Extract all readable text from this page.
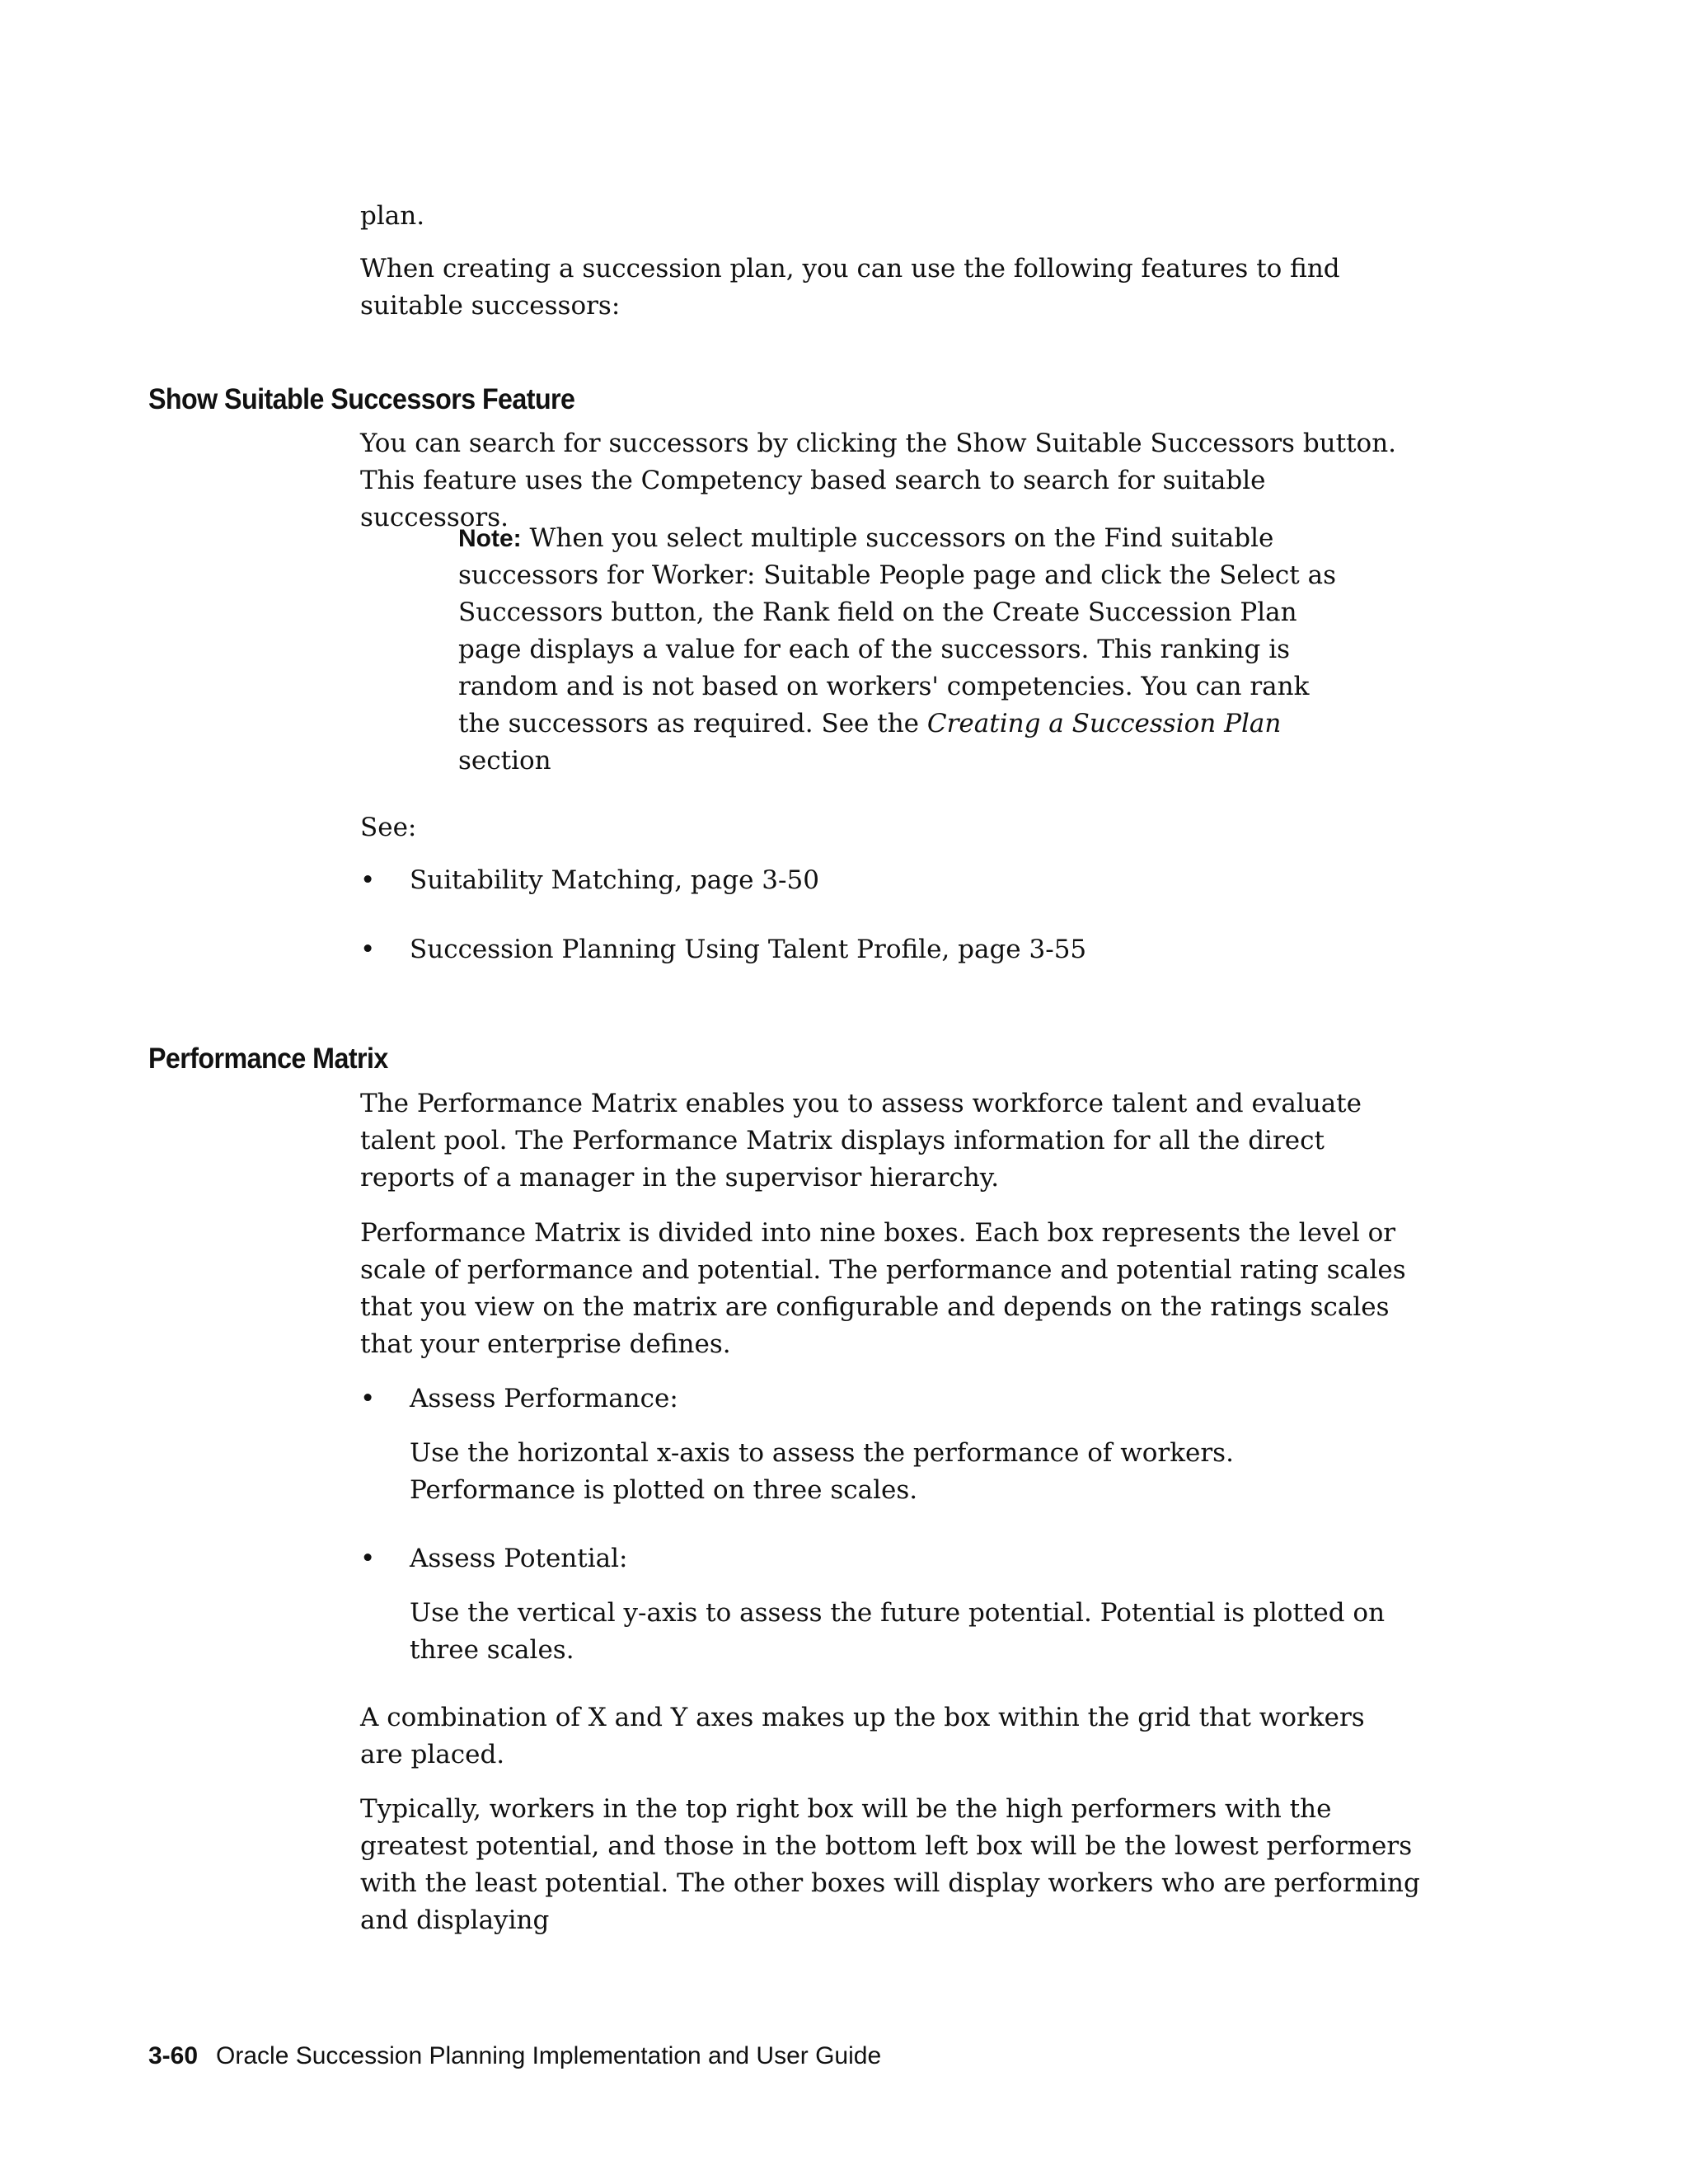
plan.

When creating a succession plan, you can use the following features to find suitable successors:

Show Suitable Successors Feature

You can search for successors by clicking the Show Suitable Successors button. This feature uses the Competency based search to search for suitable successors.

Note: When you select multiple successors on the Find suitable successors for Worker: Suitable People page and click the Select as Successors button, the Rank field on the Create Succession Plan page displays a value for each of the successors. This ranking is random and is not based on workers' competencies. You can rank the successors as required. See the Creating a Succession Plan section

See:

•	Suitability Matching, page 3-50

•	Succession Planning Using Talent Profile, page 3-55

Performance Matrix

The Performance Matrix enables you to assess workforce talent and evaluate talent pool. The Performance Matrix displays information for all the direct reports of a manager in the supervisor hierarchy.

Performance Matrix is divided into nine boxes. Each box represents the level or scale of performance and potential. The performance and potential rating scales that you view on the matrix are configurable and depends on the ratings scales that your enterprise defines.

•	Assess Performance:

Use the horizontal x-axis to assess the performance of workers. Performance is plotted on three scales.

•	Assess Potential:

Use the vertical y-axis to assess the future potential. Potential is plotted on three scales.

A combination of X and Y axes makes up the box within the grid that workers are placed.

Typically, workers in the top right box will be the high performers with the greatest potential, and those in the bottom left box will be the lowest performers with the least potential. The other boxes will display workers who are performing and displaying

3-60 Oracle Succession Planning Implementation and User Guide
